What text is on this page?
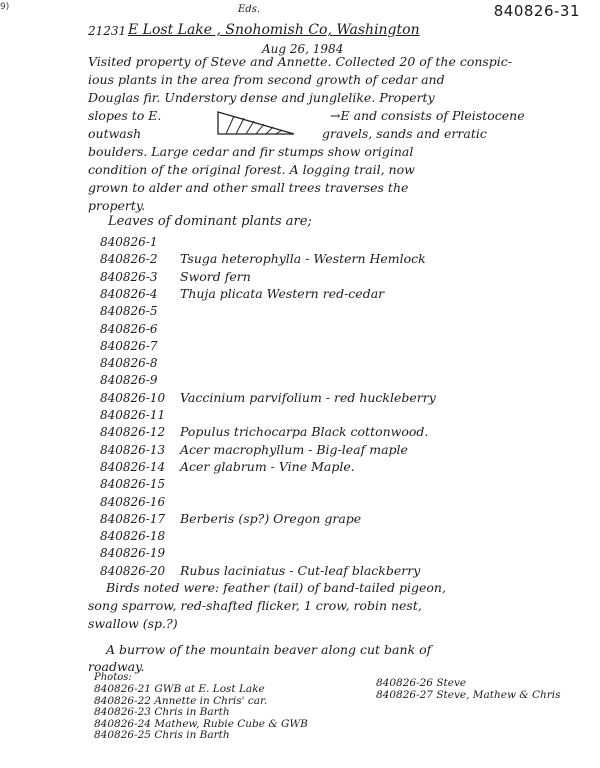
9)	840826-31
Eds.
21231 E Lost Lake , Snohomish Co, Washington
Aug 26, 1984
Visited property of Steve and Annette. Collected 20 of the conspic-
ious plants in the area from second growth of cedar and
Douglas fir. Understory dense and junglelike. Property
slopes to E.	→E and consists of Pleistocene
outwash	gravels, sands and erratic
boulders. Large cedar and fir stumps show original
condition of the original forest. A logging trail, now
grown to alder and other small trees traverses the
Leaves of dominant plants are;
840826-1
840826-2 Tsuga heterophylla - Western Hemlock
840826-3 Sword fern
840826-4 Thuja plicata Western red-cedar
840826-5
840826-6
840826-7
840826-8
840826-9
840826-10 Vaccinium parvifolium - red huckleberry
840826-11
840826-12 Populus trichocarpa Black cottonwood.
840826-13 Acer macrophyllum - Big-leaf maple
840826-14 Acer glabrum - Vine Maple.
840826-15
840826-16
840826-17 Berberis (sp?) Oregon grape
840826-18
840826-19
840826-20 Rubus laciniatus - Cut-leaf blackberry
Birds noted were: feather (tail) of band-tailed pigeon,
song sparrow, red-shafted flicker, 1 crow, robin nest,
swallow (sp.?)
A burrow of the mountain beaver along cut bank of
roadway.
Photos:
840826-21 GWB at E. Lost Lake
840826-22 Annette in Chris' car.
840826-23 Chris in Barth
840826-24 Mathew, Rubie Cube & GWB
840826-25 Chris in Barth
840826-26 Steve
840826-27 Steve, Mathew & Chris
property.
